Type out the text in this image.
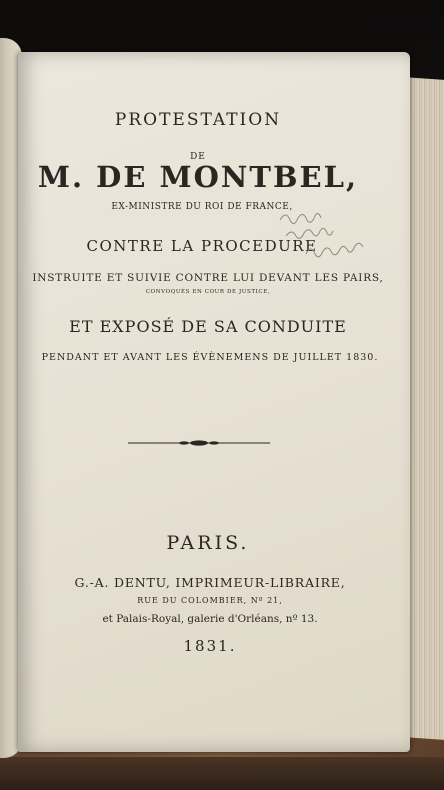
PROTESTATION
DE
M. DE MONTBEL,
EX-MINISTRE DU ROI DE FRANCE,
CONTRE LA PROCEDURE
INSTRUITE ET SUIVIE CONTRE LUI DEVANT LES PAIRS,
CONVOQUÉS EN COUR DE JUSTICE,
ET EXPOSÉ DE SA CONDUITE
PENDANT ET AVANT LES ÉVÈNEMENS DE JUILLET 1830.
PARIS.
G.-A. DENTU, IMPRIMEUR-LIBRAIRE,
RUE DU COLOMBIER, Nº 21,
et Palais-Royal, galerie d'Orléans, nº 13.
1831.
